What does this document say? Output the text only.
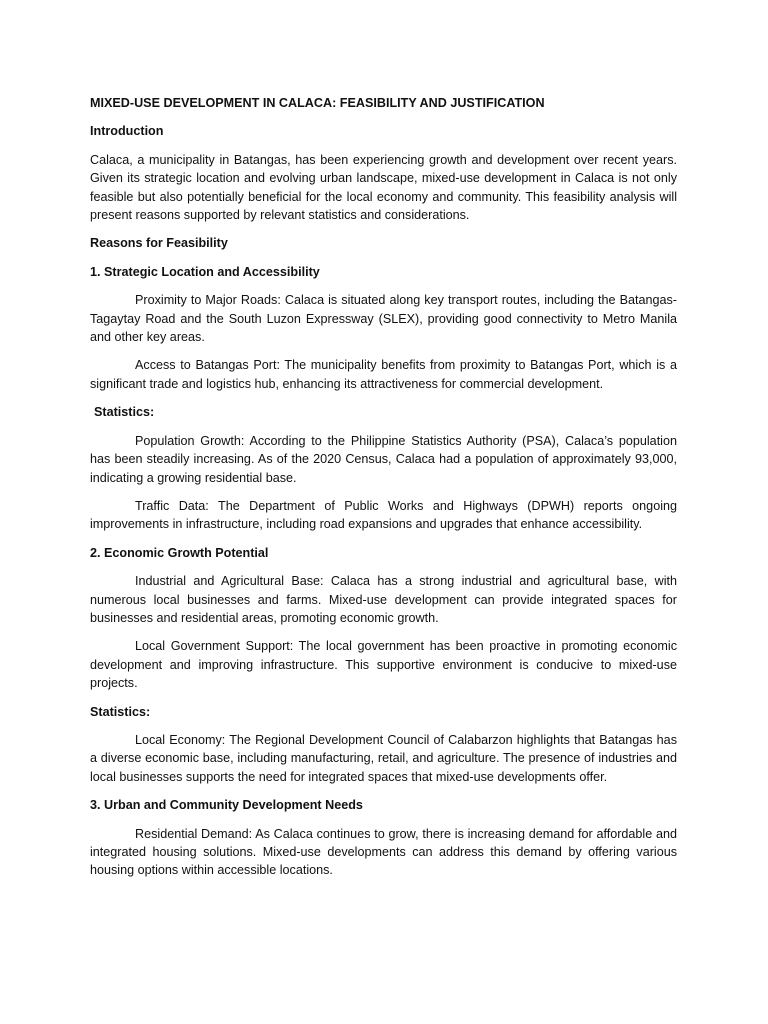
MIXED-USE DEVELOPMENT IN CALACA: FEASIBILITY AND JUSTIFICATION
Introduction
Calaca, a municipality in Batangas, has been experiencing growth and development over recent years. Given its strategic location and evolving urban landscape, mixed-use development in Calaca is not only feasible but also potentially beneficial for the local economy and community. This feasibility analysis will present reasons supported by relevant statistics and considerations.
Reasons for Feasibility
1. Strategic Location and Accessibility
Proximity to Major Roads: Calaca is situated along key transport routes, including the Batangas-Tagaytay Road and the South Luzon Expressway (SLEX), providing good connectivity to Metro Manila and other key areas.
Access to Batangas Port: The municipality benefits from proximity to Batangas Port, which is a significant trade and logistics hub, enhancing its attractiveness for commercial development.
Statistics:
Population Growth: According to the Philippine Statistics Authority (PSA), Calaca’s population has been steadily increasing. As of the 2020 Census, Calaca had a population of approximately 93,000, indicating a growing residential base.
Traffic Data: The Department of Public Works and Highways (DPWH) reports ongoing improvements in infrastructure, including road expansions and upgrades that enhance accessibility.
2. Economic Growth Potential
Industrial and Agricultural Base: Calaca has a strong industrial and agricultural base, with numerous local businesses and farms. Mixed-use development can provide integrated spaces for businesses and residential areas, promoting economic growth.
Local Government Support: The local government has been proactive in promoting economic development and improving infrastructure. This supportive environment is conducive to mixed-use projects.
Statistics:
Local Economy: The Regional Development Council of Calabarzon highlights that Batangas has a diverse economic base, including manufacturing, retail, and agriculture. The presence of industries and local businesses supports the need for integrated spaces that mixed-use developments offer.
3. Urban and Community Development Needs
Residential Demand: As Calaca continues to grow, there is increasing demand for affordable and integrated housing solutions. Mixed-use developments can address this demand by offering various housing options within accessible locations.
